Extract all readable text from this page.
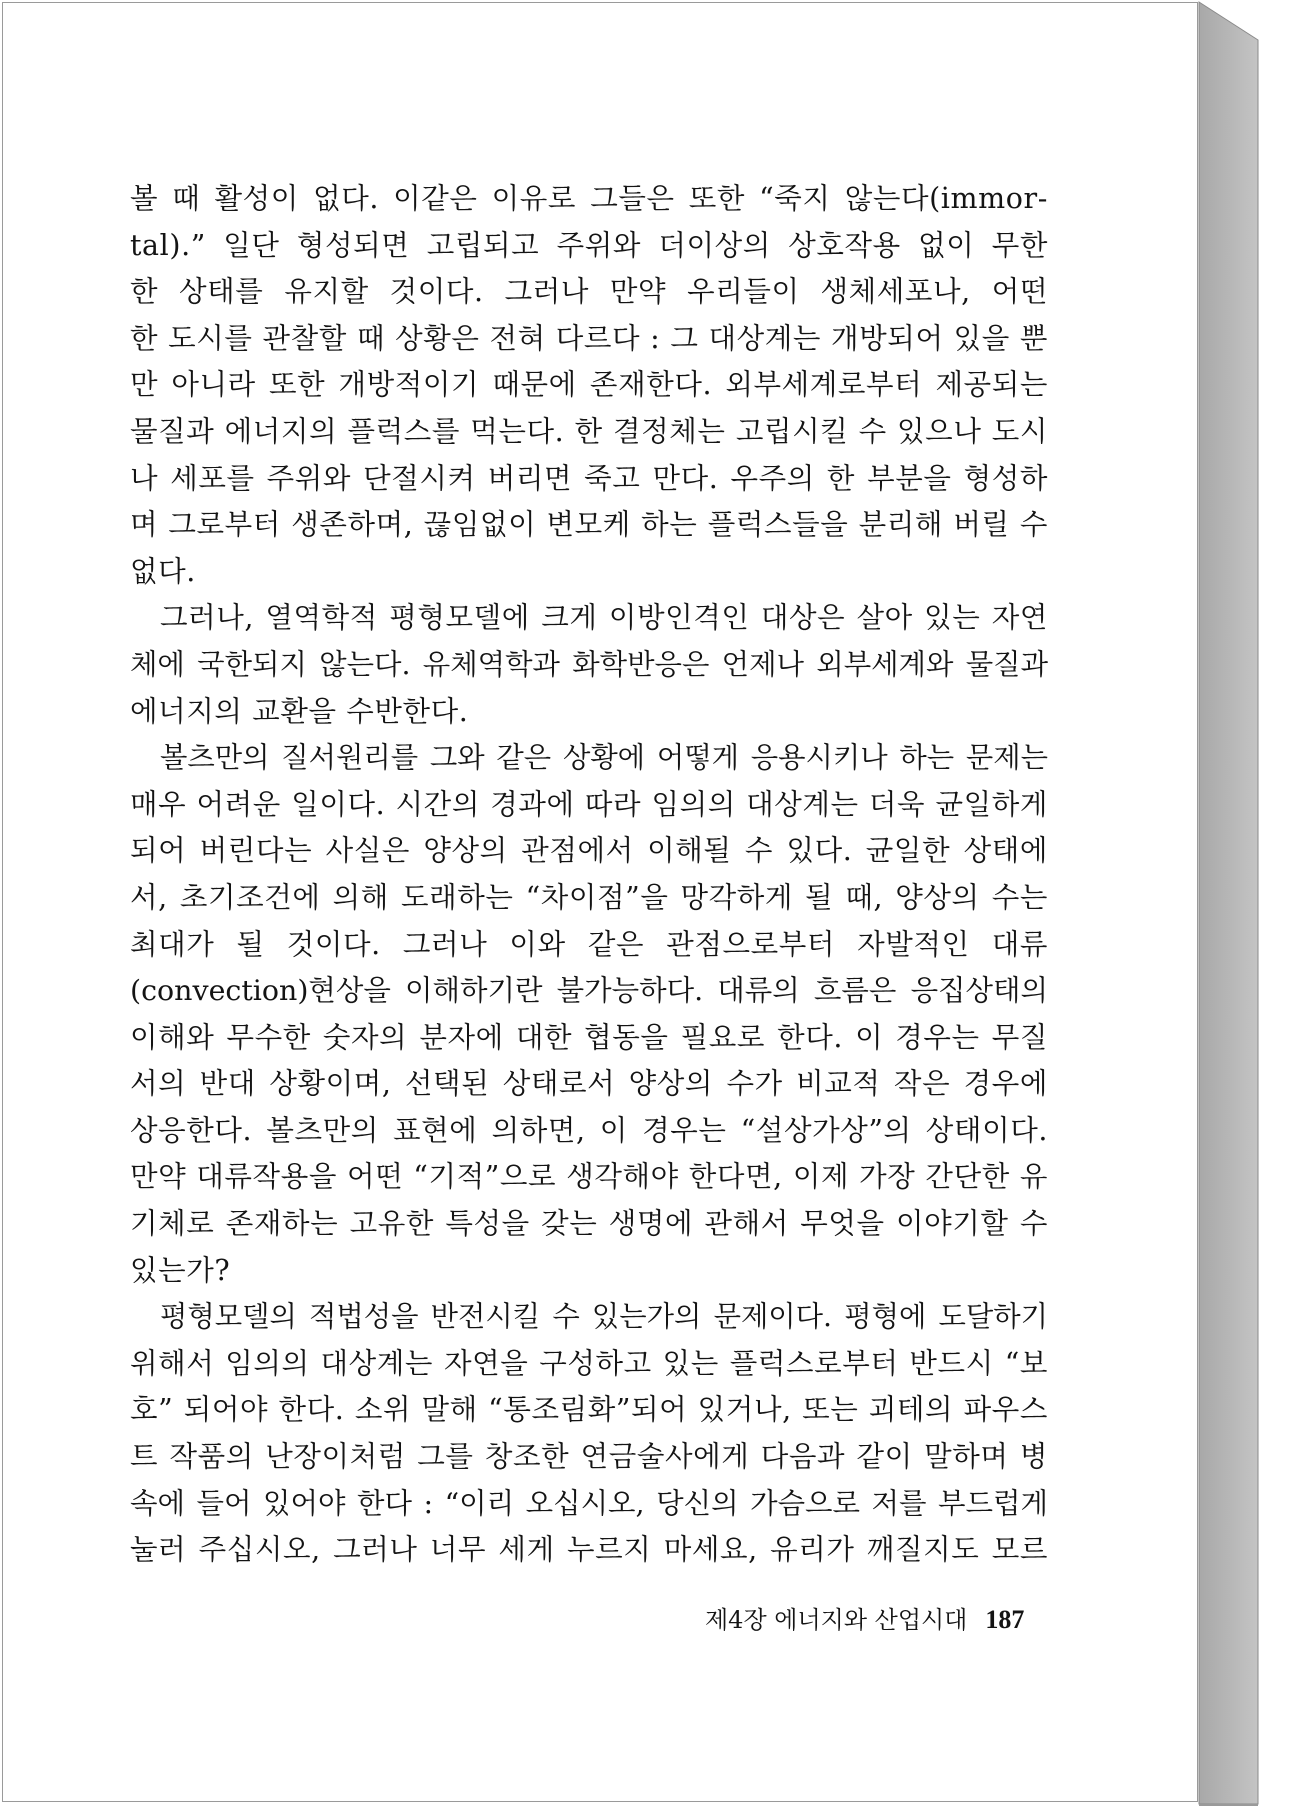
볼 때 활성이 없다. 이같은 이유로 그들은 또한 “죽지 않는다(immor-
tal).” 일단 형성되면 고립되고 주위와 더이상의 상호작용 없이 무한
한 상태를 유지할 것이다. 그러나 만약 우리들이 생체세포나, 어떤
한 도시를 관찰할 때 상황은 전혀 다르다 : 그 대상계는 개방되어 있을 뿐
만 아니라 또한 개방적이기 때문에 존재한다. 외부세계로부터 제공되는
물질과 에너지의 플럭스를 먹는다. 한 결정체는 고립시킬 수 있으나 도시
나 세포를 주위와 단절시켜 버리면 죽고 만다. 우주의 한 부분을 형성하
며 그로부터 생존하며, 끊임없이 변모케 하는 플럭스들을 분리해 버릴 수
없다.
그러나, 열역학적 평형모델에 크게 이방인격인 대상은 살아 있는 자연
체에 국한되지 않는다. 유체역학과 화학반응은 언제나 외부세계와 물질과
에너지의 교환을 수반한다.
볼츠만의 질서원리를 그와 같은 상황에 어떻게 응용시키나 하는 문제는
매우 어려운 일이다. 시간의 경과에 따라 임의의 대상계는 더욱 균일하게
되어 버린다는 사실은 양상의 관점에서 이해될 수 있다. 균일한 상태에
서, 초기조건에 의해 도래하는 “차이점”을 망각하게 될 때, 양상의 수는
최대가 될 것이다. 그러나 이와 같은 관점으로부터 자발적인 대류
(convection)현상을 이해하기란 불가능하다. 대류의 흐름은 응집상태의
이해와 무수한 숫자의 분자에 대한 협동을 필요로 한다. 이 경우는 무질
서의 반대 상황이며, 선택된 상태로서 양상의 수가 비교적 작은 경우에
상응한다. 볼츠만의 표현에 의하면, 이 경우는 “설상가상”의 상태이다.
만약 대류작용을 어떤 “기적”으로 생각해야 한다면, 이제 가장 간단한 유
기체로 존재하는 고유한 특성을 갖는 생명에 관해서 무엇을 이야기할 수
있는가?
평형모델의 적법성을 반전시킬 수 있는가의 문제이다. 평형에 도달하기
위해서 임의의 대상계는 자연을 구성하고 있는 플럭스로부터 반드시 “보
호” 되어야 한다. 소위 말해 “통조림화”되어 있거나, 또는 괴테의 파우스
트 작품의 난장이처럼 그를 창조한 연금술사에게 다음과 같이 말하며 병
속에 들어 있어야 한다 : “이리 오십시오, 당신의 가슴으로 저를 부드럽게
눌러 주십시오, 그러나 너무 세게 누르지 마세요, 유리가 깨질지도 모르
제4장 에너지와 산업시대 187
